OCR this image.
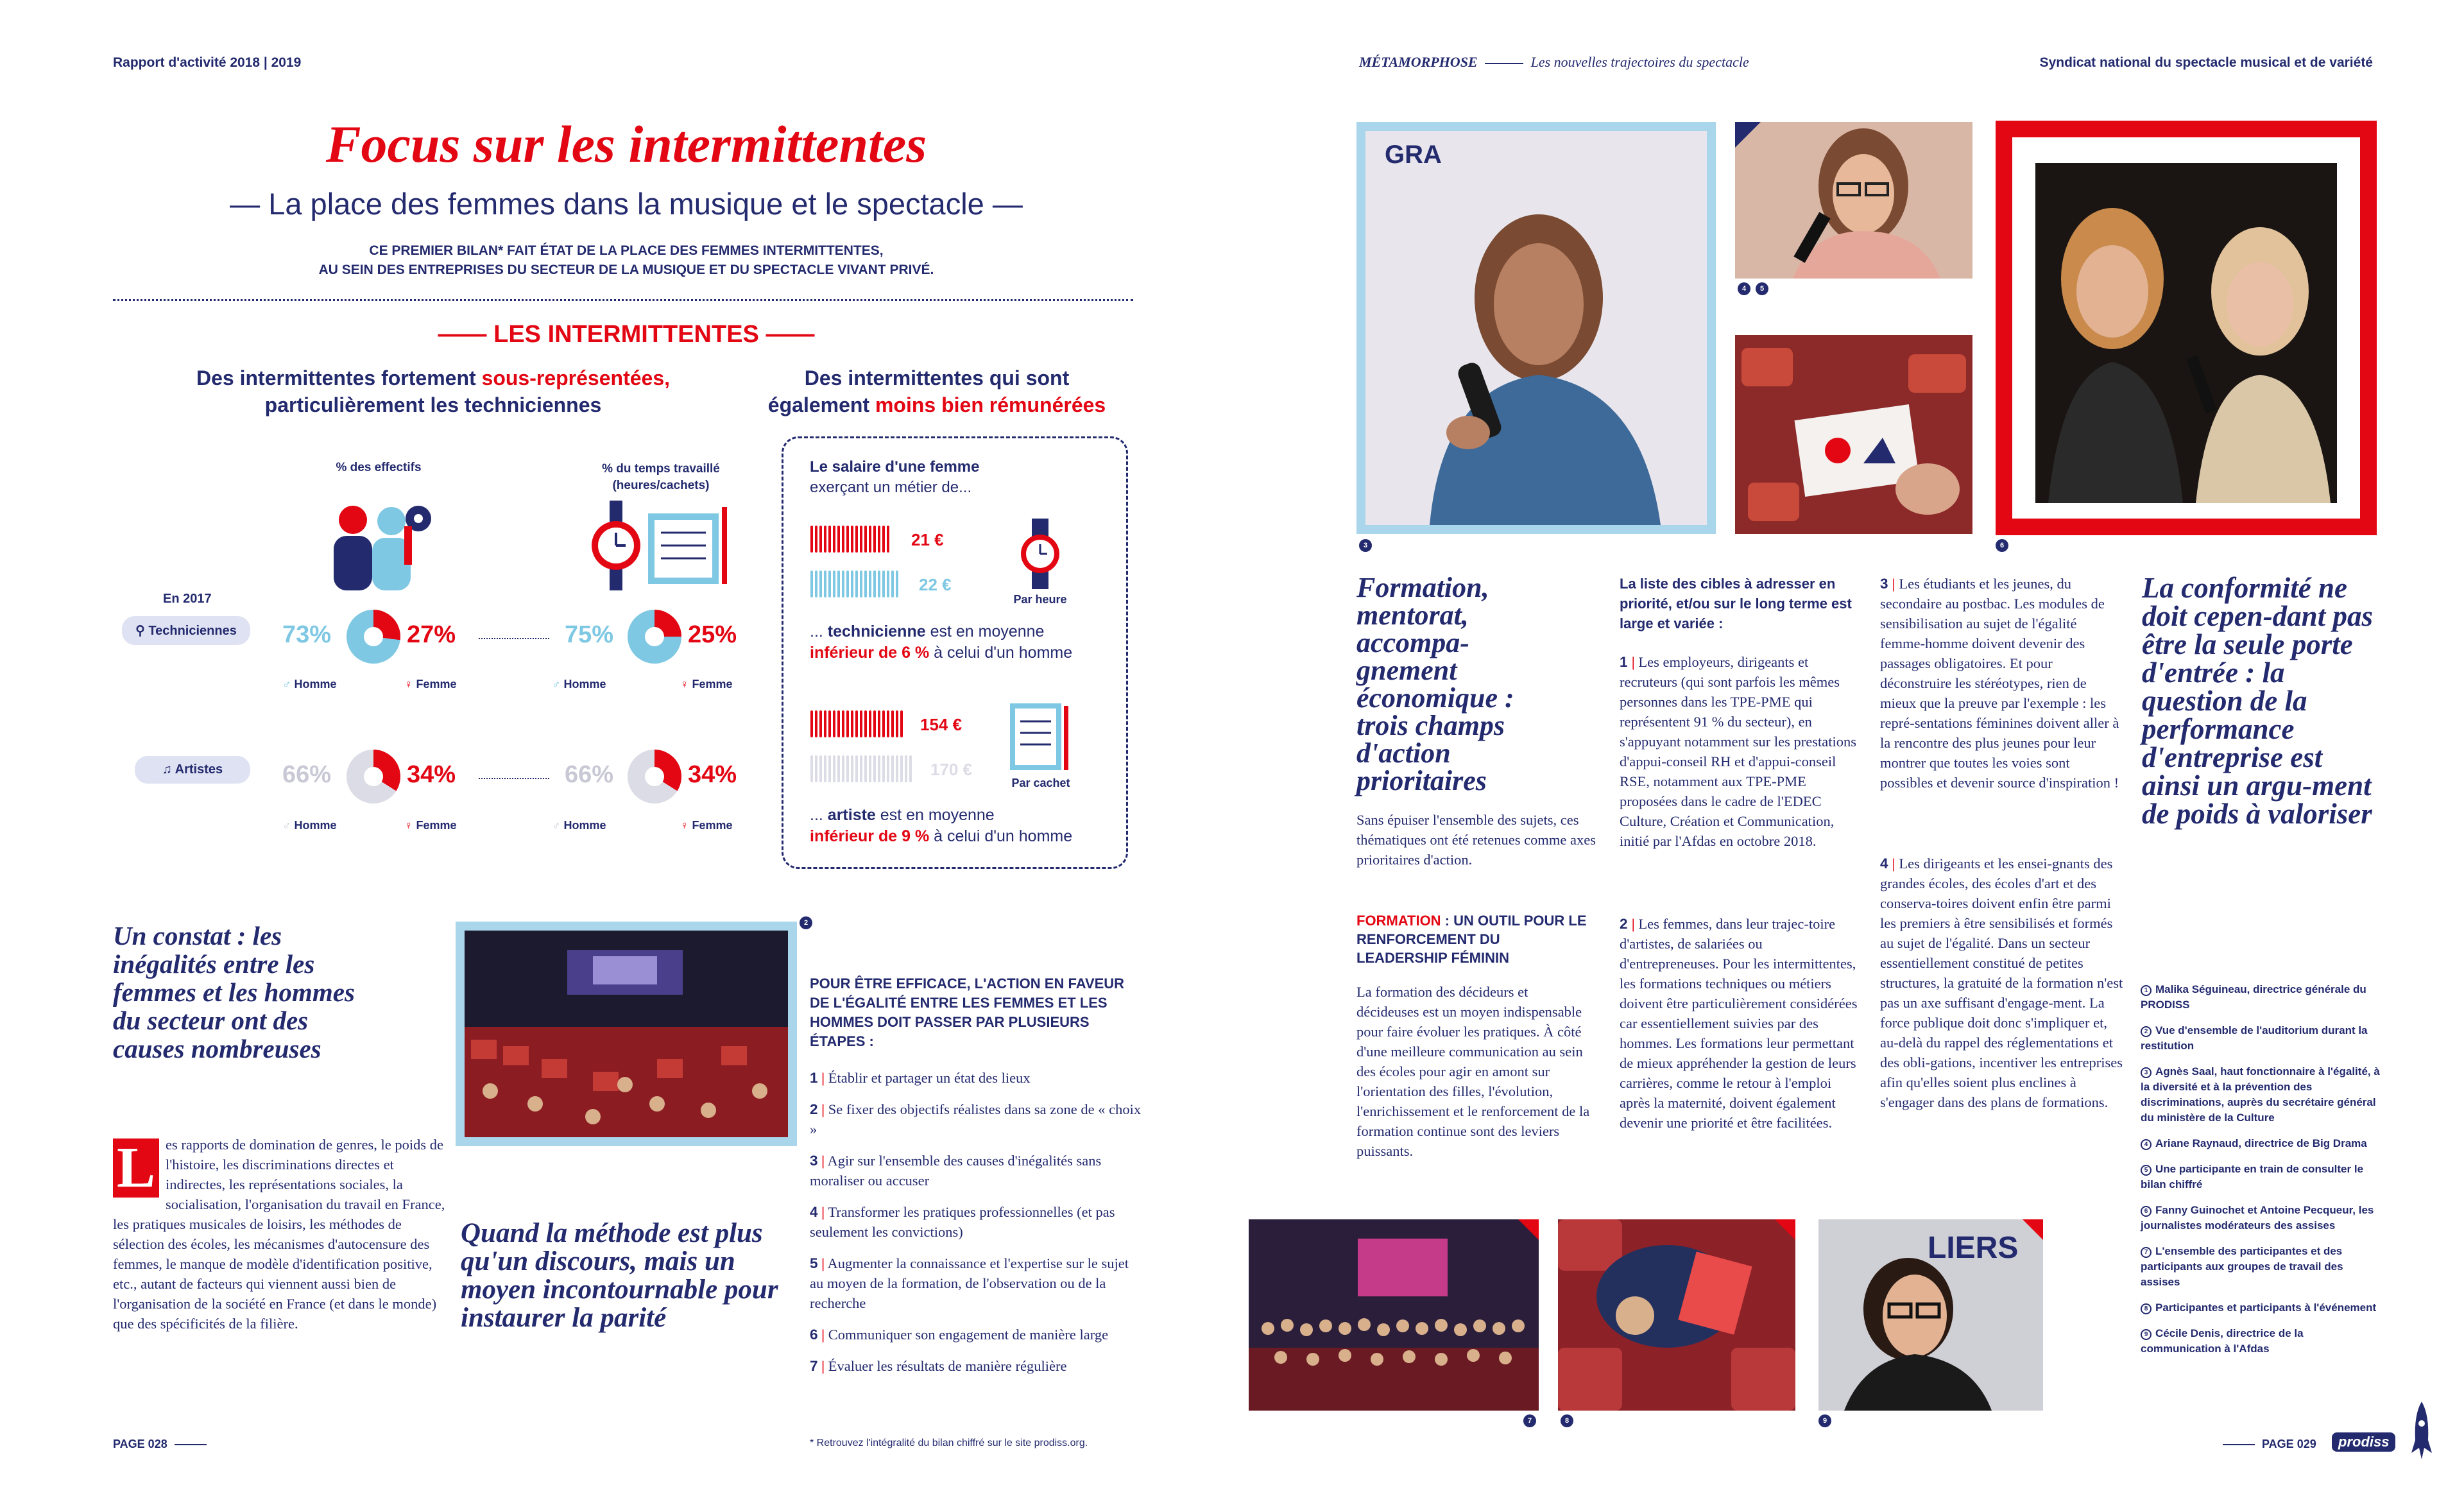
Rapport d'activité 2018 | 2019	MÉTAMORPHOSE	Les nouvelles trajectoires du spectacle	Syndicat national du spectacle musical et de variété
Focus sur les intermittentes
— La place des femmes dans la musique et le spectacle —
CE PREMIER BILAN* FAIT ÉTAT DE LA PLACE DES FEMMES INTERMITTENTES,
AU SEIN DES ENTREPRISES DU SECTEUR DE LA MUSIQUE ET DU SPECTACLE VIVANT PRIVÉ.
—— LES INTERMITTENTES ——
Des intermittentes fortement sous-représentées,
particulièrement les techniciennes
Des intermittentes qui sont
également moins bien rémunérées
% des effectifs	% du temps travaillé
(heures/cachets)
En 2017
⚲ Techniciennes
♫ Artistes
73%	27%	75%	25%
♂ Homme	♀ Femme	♂ Homme	♀ Femme
66%	34%	66%	34%
♂ Homme	♀ Femme	♂ Homme	♀ Femme
Le salaire d'une femme
exerçant un métier de...
21 €
22 €
Par heure
... technicienne est en moyenne
inférieur de 6 % à celui d'un homme
154 €
170 €
Par cachet
... artiste est en moyenne
inférieur de 9 % à celui d'un homme
Un constat : les inégalités entre les femmes et les hommes du secteur ont des causes nombreuses
L es rapports de domination de genres, le poids de l'histoire, les discriminations directes et indirectes, les représentations sociales, la socialisation, l'organisation du travail en France, les pratiques musicales de loisirs, les méthodes de sélection des écoles, les mécanismes d'autocensure des femmes, le manque de modèle d'identification positive, etc., autant de facteurs qui viennent aussi bien de l'organisation de la société en France (et dans le monde) que des spécificités de la filière.
2
Quand la méthode est plus qu'un discours, mais un moyen incontournable pour instaurer la parité
POUR ÊTRE EFFICACE, L'ACTION EN FAVEUR DE L'ÉGALITÉ ENTRE LES FEMMES ET LES HOMMES DOIT PASSER PAR PLUSIEURS ÉTAPES :
1 | Établir et partager un état des lieux
2 | Se fixer des objectifs réalistes dans sa zone de « choix »
3 | Agir sur l'ensemble des causes d'inégalités sans moraliser ou accuser
4 | Transformer les pratiques professionnelles (et pas seulement les convictions)
5 | Augmenter la connaissance et l'expertise sur le sujet au moyen de la formation, de l'observation ou de la recherche
6 | Communiquer son engagement de manière large
7 | Évaluer les résultats de manière régulière
* Retrouvez l'intégralité du bilan chiffré sur le site prodiss.org.
PAGE 028
GRA
3
4	5
6
Formation, mentorat, accompa-gnement économique : trois champs d'action prioritaires
Sans épuiser l'ensemble des sujets, ces thématiques ont été retenues comme axes prioritaires d'action.
FORMATION : UN OUTIL POUR LE RENFORCEMENT DU LEADERSHIP FÉMININ
La formation des décideurs et décideuses est un moyen indispensable pour faire évoluer les pratiques. À côté d'une meilleure communication au sein des écoles pour agir en amont sur l'orientation des filles, l'évolution, l'enrichissement et le renforcement de la formation continue sont des leviers puissants.
La liste des cibles à adresser en priorité, et/ou sur le long terme est large et variée :
1 | Les employeurs, dirigeants et recruteurs (qui sont parfois les mêmes personnes dans les TPE-PME qui représentent 91 % du secteur), en s'appuyant notamment sur les prestations d'appui-conseil RH et d'appui-conseil RSE, notamment aux TPE-PME proposées dans le cadre de l'EDEC Culture, Création et Communication, initié par l'Afdas en octobre 2018.
2 | Les femmes, dans leur trajec-toire d'artistes, de salariées ou d'entrepreneuses. Pour les intermittentes, les formations techniques ou métiers doivent être particulièrement considérées car essentiellement suivies par des hommes. Les formations leur permettant de mieux appréhender la gestion de leurs carrières, comme le retour à l'emploi après la maternité, doivent également devenir une priorité et être facilitées.
3 | Les étudiants et les jeunes, du secondaire au postbac. Les modules de sensibilisation au sujet de l'égalité femme-homme doivent devenir des passages obligatoires. Et pour déconstruire les stéréotypes, rien de mieux que la preuve par l'exemple : les repré-sentations féminines doivent aller à la rencontre des plus jeunes pour leur montrer que toutes les voies sont possibles et devenir source d'inspiration !
4 | Les dirigeants et les ensei-gnants des grandes écoles, des écoles d'art et des conserva-toires doivent enfin être parmi les premiers à être sensibilisés et formés au sujet de l'égalité. Dans un secteur essentiellement constitué de petites structures, la gratuité de la formation n'est pas un axe suffisant d'engage-ment. La force publique doit donc s'impliquer et, au-delà du rappel des réglementations et des obli-gations, incentiver les entreprises afin qu'elles soient plus enclines à s'engager dans des plans de formations.
La conformité ne doit cepen-dant pas être la seule porte d'entrée : la question de la performance d'entreprise est ainsi un argu-ment de poids à valoriser
1 Malika Séguineau, directrice générale du PRODISS
2 Vue d'ensemble de l'auditorium durant la restitution
3 Agnès Saal, haut fonctionnaire à l'égalité, à la diversité et à la prévention des discriminations, auprès du secrétaire général du ministère de la Culture
4 Ariane Raynaud, directrice de Big Drama
5 Une participante en train de consulter le bilan chiffré
6 Fanny Guinochet et Antoine Pecqueur, les journalistes modérateurs des assises
7 L'ensemble des participantes et des participants aux groupes de travail des assises
8 Participantes et participants à l'événement
9 Cécile Denis, directrice de la communication à l'Afdas
7	8
LIERS
9
PAGE 029	prodiss
